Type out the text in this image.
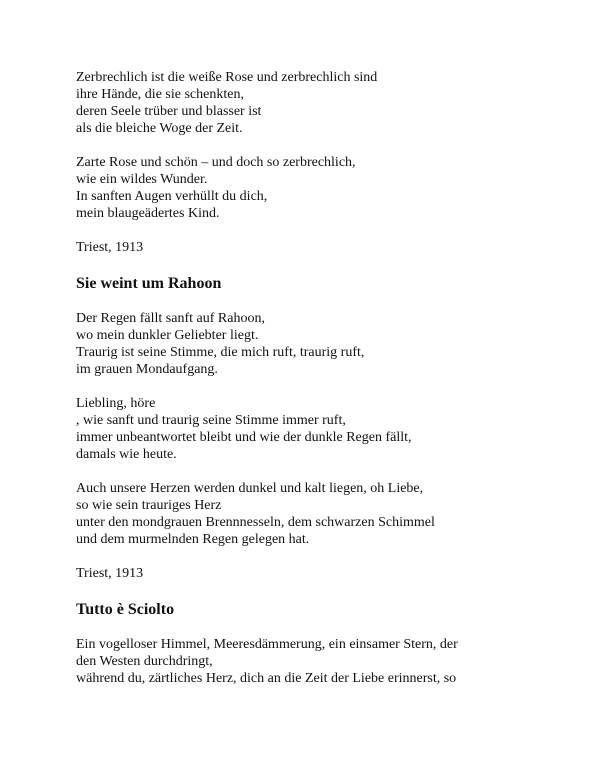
Zerbrechlich ist die weiße Rose und zerbrechlich sind
ihre Hände, die sie schenkten,
deren Seele trüber und blasser ist
als die bleiche Woge der Zeit.
Zarte Rose und schön – und doch so zerbrechlich,
wie ein wildes Wunder.
In sanften Augen verhüllt du dich,
mein blaugeädertes Kind.
Triest, 1913
Sie weint um Rahoon
Der Regen fällt sanft auf Rahoon,
wo mein dunkler Geliebter liegt.
Traurig ist seine Stimme, die mich ruft, traurig ruft,
im grauen Mondaufgang.
Liebling, höre
, wie sanft und traurig seine Stimme immer ruft,
immer unbeantwortet bleibt und wie der dunkle Regen fällt,
damals wie heute.
Auch unsere Herzen werden dunkel und kalt liegen, oh Liebe,
so wie sein trauriges Herz
unter den mondgrauen Brennnesseln, dem schwarzen Schimmel
und dem murmelnden Regen gelegen hat.
Triest, 1913
Tutto è Sciolto
Ein vogelloser Himmel, Meeresdämmerung, ein einsamer Stern, der
den Westen durchdringt,
während du, zärtliches Herz, dich an die Zeit der Liebe erinnerst, so
